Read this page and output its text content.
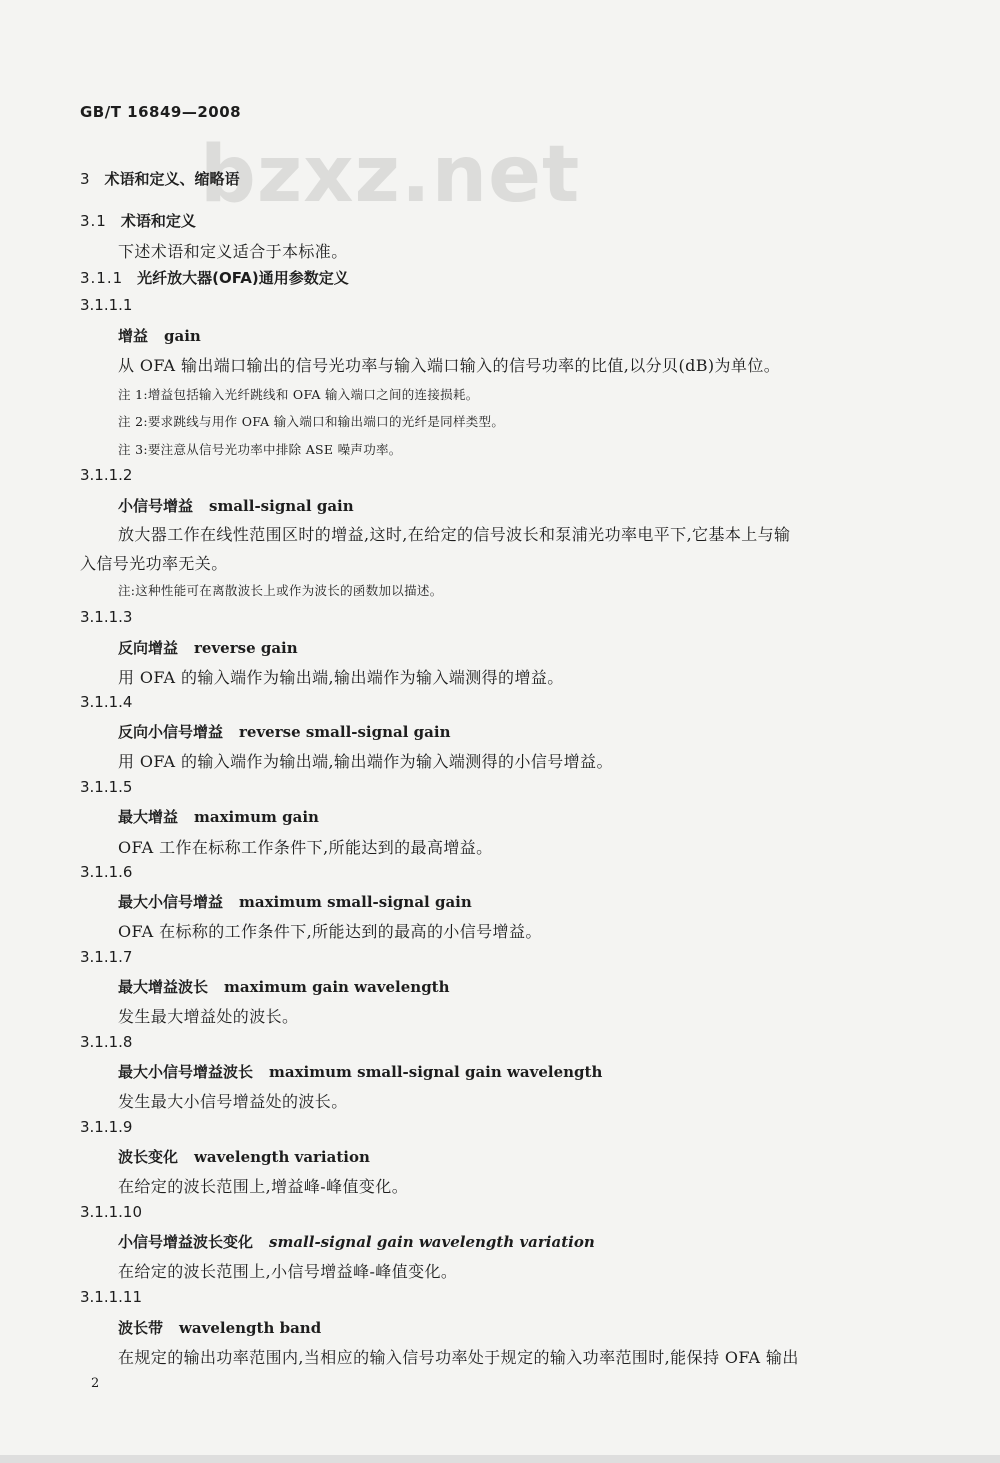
bzxz.net
GB/T 16849—2008
3 术语和定义、缩略语
3.1 术语和定义
下述术语和定义适合于本标准。
3.1.1 光纤放大器(OFA)通用参数定义
3.1.1.1
增益 gain
从 OFA 输出端口输出的信号光功率与输入端口输入的信号功率的比值,以分贝(dB)为单位。
注 1:增益包括输入光纤跳线和 OFA 输入端口之间的连接损耗。
注 2:要求跳线与用作 OFA 输入端口和输出端口的光纤是同样类型。
注 3:要注意从信号光功率中排除 ASE 噪声功率。
3.1.1.2
小信号增益 small-signal gain
放大器工作在线性范围区时的增益,这时,在给定的信号波长和泵浦光功率电平下,它基本上与输
入信号光功率无关。
注:这种性能可在离散波长上或作为波长的函数加以描述。
3.1.1.3
反向增益 reverse gain
用 OFA 的输入端作为输出端,输出端作为输入端测得的增益。
3.1.1.4
反向小信号增益 reverse small-signal gain
用 OFA 的输入端作为输出端,输出端作为输入端测得的小信号增益。
3.1.1.5
最大增益 maximum gain
OFA 工作在标称工作条件下,所能达到的最高增益。
3.1.1.6
最大小信号增益 maximum small-signal gain
OFA 在标称的工作条件下,所能达到的最高的小信号增益。
3.1.1.7
最大增益波长 maximum gain wavelength
发生最大增益处的波长。
3.1.1.8
最大小信号增益波长 maximum small-signal gain wavelength
发生最大小信号增益处的波长。
3.1.1.9
波长变化 wavelength variation
在给定的波长范围上,增益峰-峰值变化。
3.1.1.10
小信号增益波长变化 small-signal gain wavelength variation
在给定的波长范围上,小信号增益峰-峰值变化。
3.1.1.11
波长带 wavelength band
在规定的输出功率范围内,当相应的输入信号功率处于规定的输入功率范围时,能保持 OFA 输出
2
